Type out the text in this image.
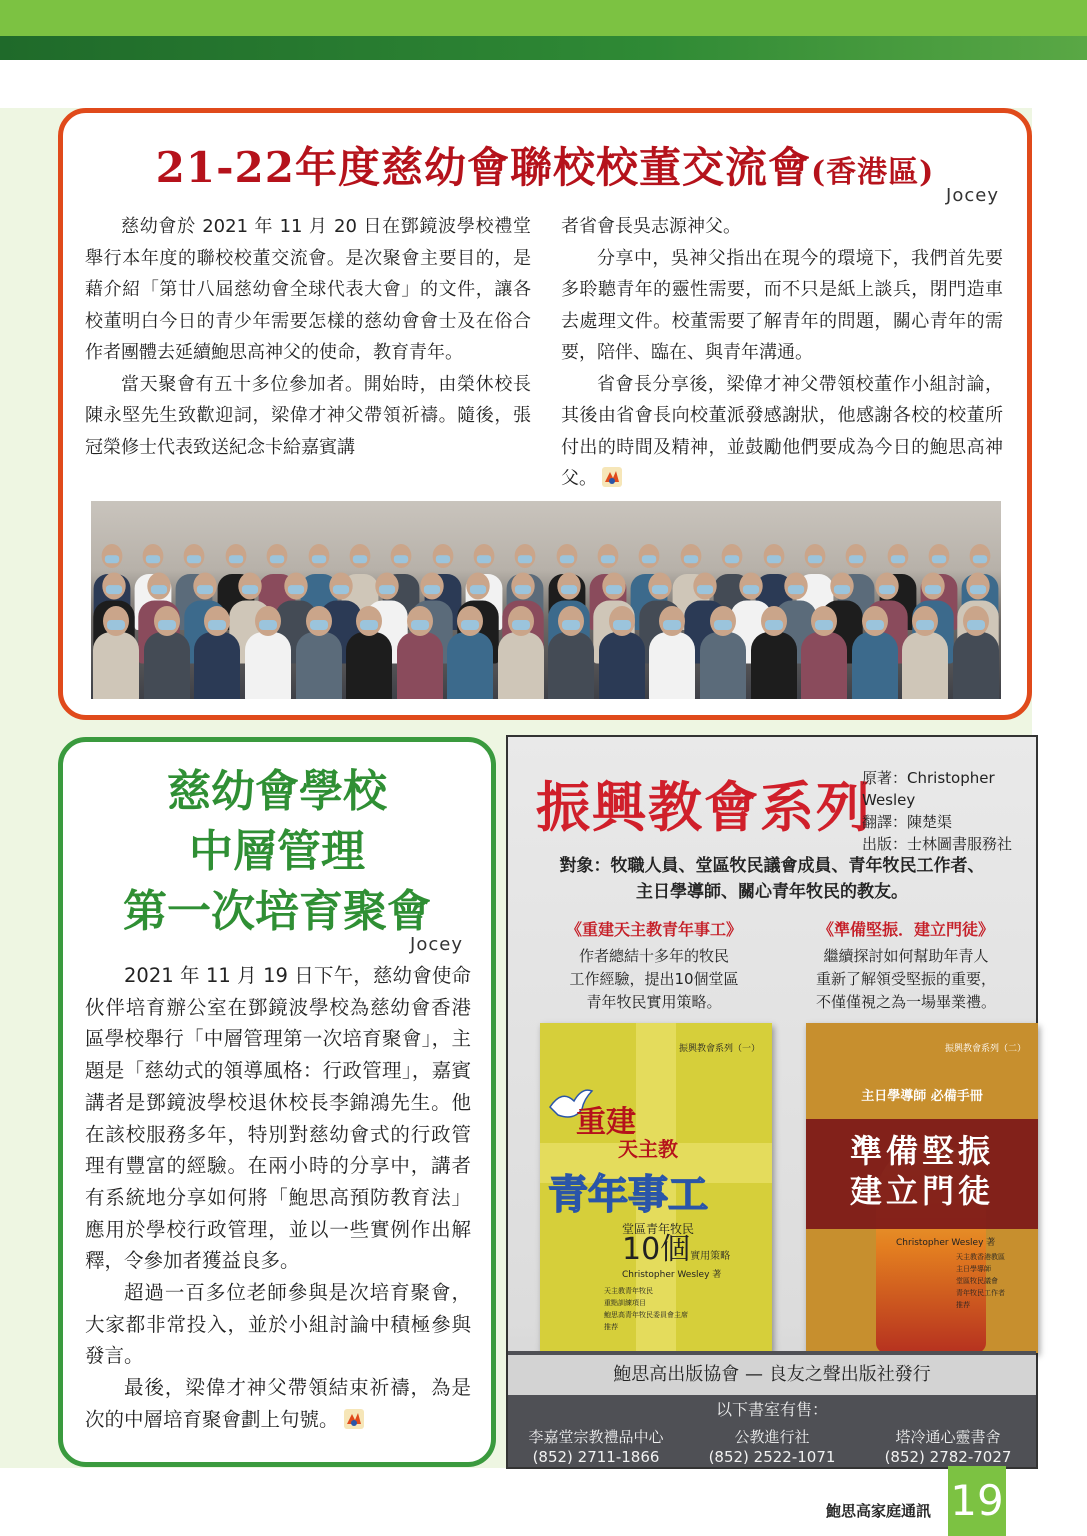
21-22年度慈幼會聯校校董交流會(香港區)
Jocey

慈幼會於 2021 年 11 月 20 日在鄧鏡波學校禮堂舉行本年度的聯校校董交流會。是次聚會主要目的，是藉介紹「第廿八屆慈幼會全球代表大會」的文件，讓各校董明白今日的青少年需要怎樣的慈幼會會士及在俗合作者團體去延續鮑思高神父的使命，教育青年。

當天聚會有五十多位參加者。開始時，由榮休校長陳永堅先生致歡迎詞，梁偉才神父帶領祈禱。隨後，張冠榮修士代表致送紀念卡給嘉賓講

者省會長吳志源神父。

分享中，吳神父指出在現今的環境下，我們首先要多聆聽青年的靈性需要，而不只是紙上談兵，閉門造車去處理文件。校董需要了解青年的問題，關心青年的需要，陪伴、臨在、與青年溝通。

省會長分享後，梁偉才神父帶領校董作小組討論，其後由省會長向校董派發感謝狀，他感謝各校的校董所付出的時間及精神，並鼓勵他們要成為今日的鮑思高神父。

慈幼會學校
中層管理
第一次培育聚會
Jocey

2021 年 11 月 19 日下午，慈幼會使命伙伴培育辦公室在鄧鏡波學校為慈幼會香港區學校舉行「中層管理第一次培育聚會」，主題是「慈幼式的領導風格：行政管理」，嘉賓講者是鄧鏡波學校退休校長李錦鴻先生。他在該校服務多年，特別對慈幼會式的行政管理有豐富的經驗。在兩小時的分享中，講者有系統地分享如何將「鮑思高預防教育法」應用於學校行政管理，並以一些實例作出解釋，令參加者獲益良多。

超過一百多位老師參與是次培育聚會，大家都非常投入，並於小組討論中積極參與發言。

最後，梁偉才神父帶領結束祈禱，為是次的中層培育聚會劃上句號。

振興教會系列
原著：Christopher Wesley
翻譯：陳楚渠
出版：士林圖書服務社
對象：牧職人員、堂區牧民議會成員、青年牧民工作者、
主日學導師、關心青年牧民的教友。
《重建天主教青年事工》
作者總結十多年的牧民
工作經驗，提出10個堂區
青年牧民實用策略。
《準備堅振．建立門徒》
繼續探討如何幫助年青人
重新了解領受堅振的重要，
不僅僅視之為一場畢業禮。
振興教會系列（一）
重建
天主教
青年事工
堂區青年牧民
10個實用策略
Christopher Wesley 著
天主教青年牧民
重點訓練項目
鮑思高青年牧民委員會主席
推荐
振興教會系列（二）
主日學導師 必備手冊
準備堅振
建立門徒
Christopher Wesley 著
天主教香港教區
主日學導師
堂區牧民議會
青年牧民工作者
推荐
鮑思高出版協會 — 良友之聲出版社發行
以下書室有售：
李嘉堂宗教禮品中心
(852) 2711-1866
公教進行社
(852) 2522-1071
塔冷通心靈書舍
(852) 2782-7027
鮑思高家庭通訊 19
